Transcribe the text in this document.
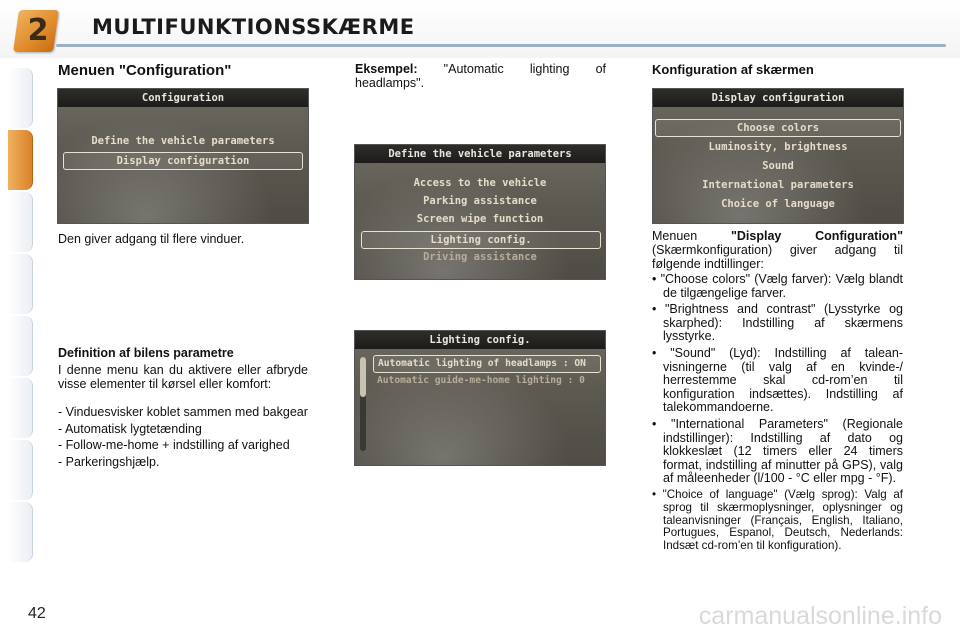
2 MULTIFUNKTIONSSKÆRME
Menuen "Configuration"
Configuration
Define the vehicle parameters
Display configuration

Den giver adgang til flere vinduer.

Definition af bilens parametre

I denne menu kan du aktivere eller afbryde visse elementer til kørsel eller komfort:

- Vinduesvisker koblet sammen med bakgear
- Automatisk lygtetænding
- Follow-me-home + indstilling af varighed
- Parkeringshjælp.

Eksempel: "Automatic lighting of headlamps".

Define the vehicle parameters
Access to the vehicle
Parking assistance
Screen wipe function
Lighting config.
Driving assistance
Lighting config.
Automatic lighting of headlamps : ON
Automatic guide-me-home lighting : 0
Konfiguration af skærmen
Display configuration
Choose colors
Luminosity, brightness
Sound
International parameters
Choice of language

Menuen "Display Configuration" (Skærmkonfiguration) giver adgang til følgende indtillinger:

• "Choose colors" (Vælg farver): Vælg blandt de tilgængelige farver.
• "Brightness and contrast" (Lysstyrke og skarphed): Indstilling af skærmens lysstyrke.
• "Sound" (Lyd): Indstilling af taleanvisningerne (til valg af en kvinde-/ herrestemme skal cd-rom’en til konfiguration indsættes). Indstilling af talekommandoerne.
• "International Parameters" (Regionale indstillinger): Indstilling af dato og klokkeslæt (12 timers eller 24 timers format, indstilling af minutter på GPS), valg af måleenheder (l/100 - °C eller mpg - °F).
• "Choice of language" (Vælg sprog): Valg af sprog til skærmoplysninger, oplysninger og taleanvisninger (Français, English, Italiano, Portugues, Espanol, Deutsch, Nederlands: Indsæt cd-rom’en til konfiguration).
42	carmanualsonline.info
